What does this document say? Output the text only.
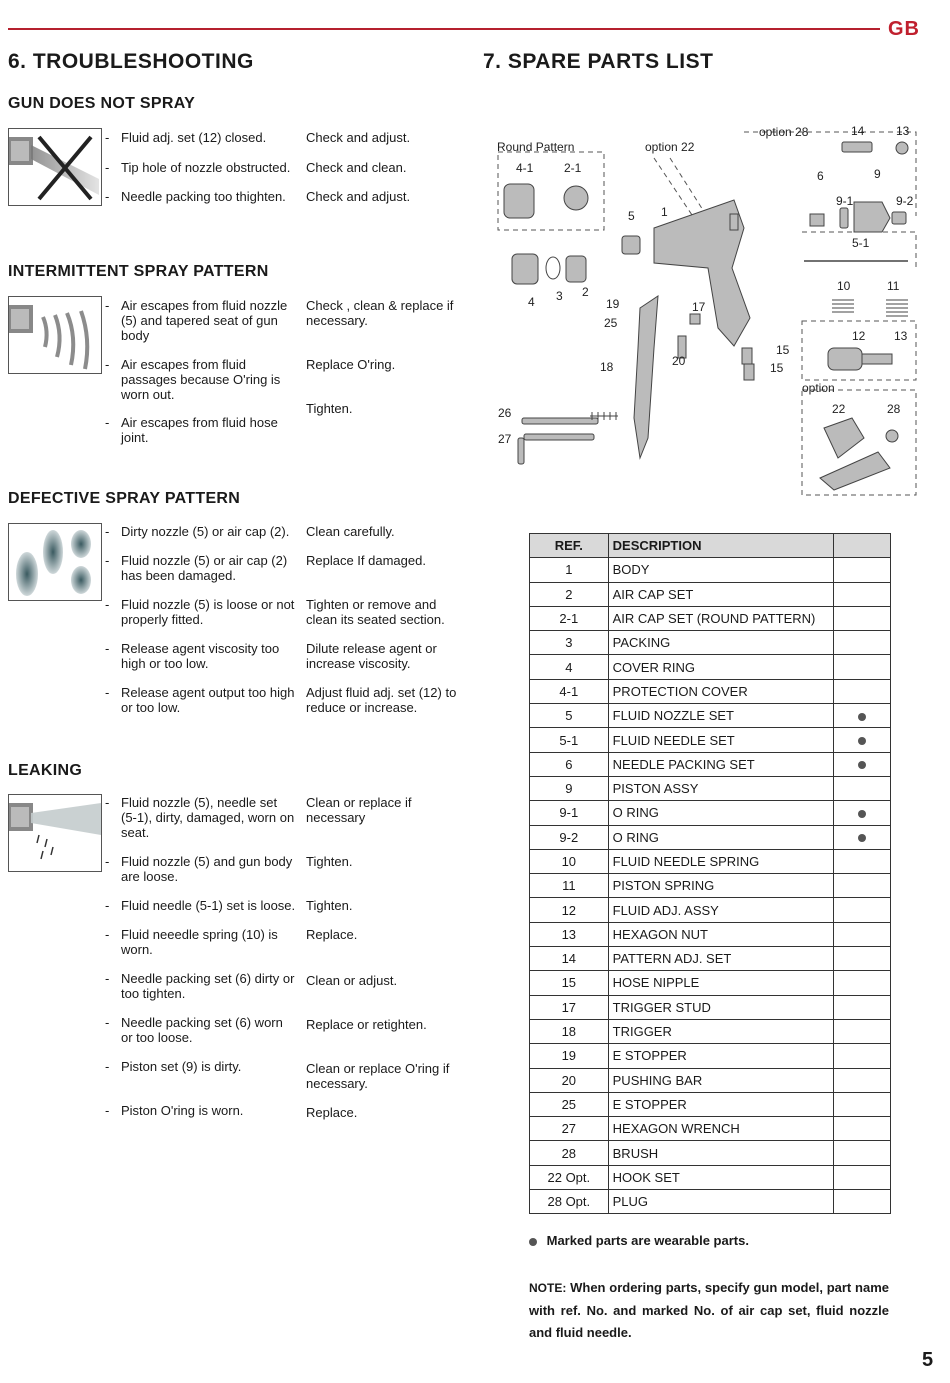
GB
6. TROUBLESHOOTING
GUN DOES NOT SPRAY
- Fluid adj. set (12) closed.	Check and adjust.
- Tip hole of nozzle obstructed.	Check and clean.
- Needle packing too thighten.	Check and adjust.
INTERMITTENT SPRAY PATTERN
- Air escapes from fluid nozzle (5) and tapered seat of gun body
Check , clean & replace if necessary.
- Air escapes from fluid passages because O'ring is worn out.
Replace O'ring.
- Air escapes from fluid hose joint.
Tighten.
DEFECTIVE SPRAY PATTERN
- Dirty nozzle (5) or air cap (2).	Clean carefully.
- Fluid nozzle (5) or air cap (2) has been damaged.
Replace If damaged.
- Fluid nozzle (5) is loose or not properly fitted.
Tighten or remove and clean its seated section.
- Release agent viscosity too high or too low.
Dilute release agent or increase viscosity.
- Release agent output too high or too low.
Adjust fluid adj. set (12) to reduce or increase.
LEAKING
- Fluid nozzle (5), needle set (5-1), dirty, damaged, worn on seat.
Clean or replace if necessary
- Fluid nozzle (5) and gun body are loose.
Tighten.
- Fluid needle (5-1) set is loose. Tighten.
- Fluid neeedle spring (10) is worn.
Replace.
- Needle packing set (6) dirty or too tighten.
Clean or adjust.
- Needle packing set (6) worn or too loose.
Replace or retighten.
- Piston set (9) is dirty.	Clean or replace O'ring if necessary.
- Piston O'ring is worn.	Replace.
7. SPARE PARTS LIST
Round Pattern	option 22
option 28
option
4-1	2-1
4 3 2
5 1
14	13
6	9
9-1	9-2
5-1
10	11
12 13
19
25
17
18	20
15
15
26
27
22	28
REF.	DESCRIPTION	
1	BODY	
2	AIR CAP SET	
2-1	AIR CAP SET (ROUND PATTERN)	
3	PACKING	
4	COVER RING	
4-1	PROTECTION COVER	
5	FLUID NOZZLE SET	
5-1	FLUID NEEDLE SET	
6	NEEDLE PACKING SET	
9	PISTON ASSY	
9-1	O RING	
9-2	O RING	
10	FLUID NEEDLE SPRING	
11	PISTON SPRING	
12	FLUID ADJ. ASSY	
13	HEXAGON NUT	
14	PATTERN ADJ. SET	
15	HOSE NIPPLE	
17	TRIGGER STUD	
18	TRIGGER	
19	E STOPPER	
20	PUSHING BAR	
25	E STOPPER	
27	HEXAGON WRENCH	
28	BRUSH	
22 Opt.	HOOK SET	
28 Opt.	PLUG	
Marked parts are wearable parts.
NOTE: When ordering parts, specify gun model, part name with ref. No. and marked No. of air cap set, fluid nozzle and fluid needle.
5
